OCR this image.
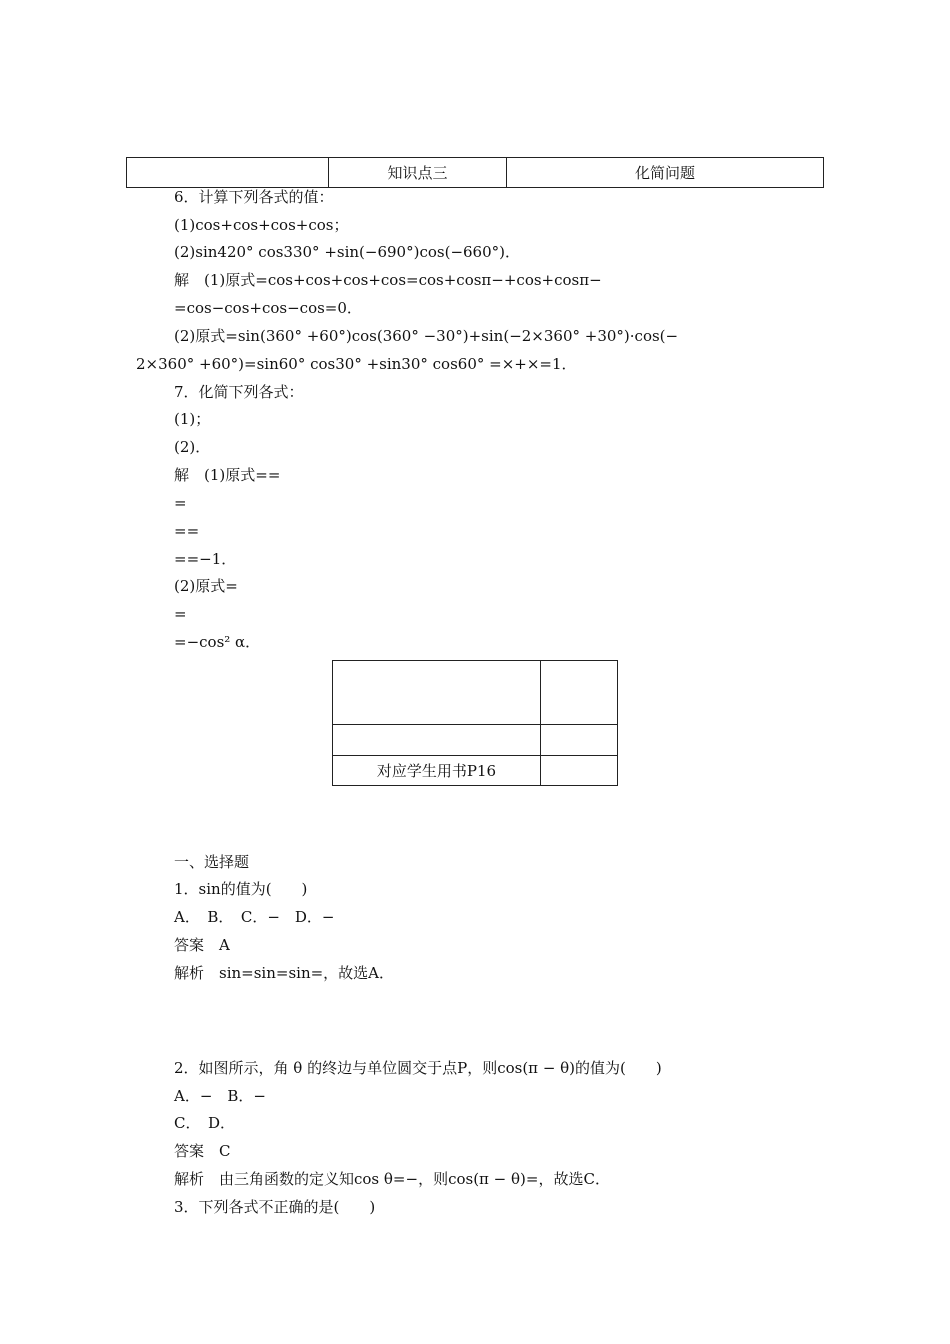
	知识点三	化简问题
6．计算下列各式的值：
(1)cos+cos+cos+cos；
(2)sin420° cos330° +sin(−690°)cos(−660°)．
解　(1)原式=cos+cos+cos+cos=cos+cosπ−+cos+cosπ−
=cos−cos+cos−cos=0．
(2)原式=sin(360° +60°)cos(360° −30°)+sin(−2×360° +30°)·cos(−
2×360° +60°)=sin60° cos30° +sin30° cos60° =×+×=1．
7．化简下列各式：
(1)；
(2)．
解　(1)原式==
=
==
==−1．
(2)原式=
=
=−cos² α．

对应学生用书P16	
一、选择题
1．sin的值为(　　)
A．　B．　C．−　D．−
答案　A
解析　sin=sin=sin=，故选A．
2．如图所示，角 θ 的终边与单位圆交于点P，则cos(π − θ)的值为(　　)
A．−　B．−
C．　D．
答案　C
解析　由三角函数的定义知cos θ=−，则cos(π − θ)=，故选C．
3．下列各式不正确的是(　　)
